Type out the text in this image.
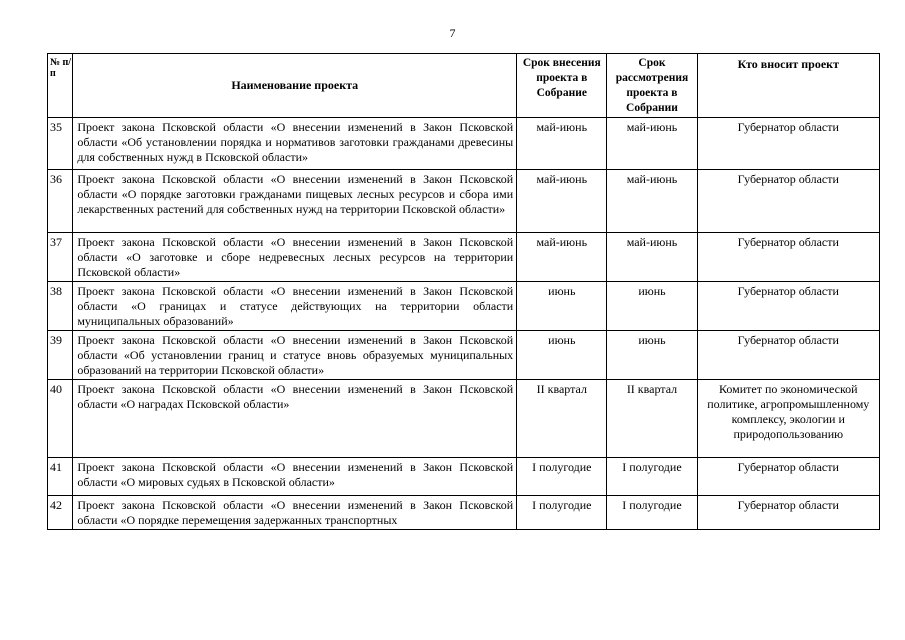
7
№ п/п	Наименование проекта	Срок внесения проекта в Собрание	Срок рассмотрения проекта в Собрании	Кто вносит проект
35	Проект закона Псковской области «О внесении изменений в Закон Псковской области «Об установлении порядка и нормативов заготовки гражданами древесины для собственных нужд в Псковской области»	май-июнь	май-июнь	Губернатор области
36	Проект закона Псковской области «О внесении изменений в Закон Псковской области «О порядке заготовки гражданами пищевых лесных ресурсов и сбора ими лекарственных растений для собственных нужд на территории Псковской области»	май-июнь	май-июнь	Губернатор области
37	Проект закона Псковской области «О внесении изменений в Закон Псковской области «О заготовке и сборе недревесных лесных ресурсов на территории Псковской области»	май-июнь	май-июнь	Губернатор области
38	Проект закона Псковской области «О внесении изменений в Закон Псковской области «О границах и статусе действующих на территории области муниципальных образований»	июнь	июнь	Губернатор области
39	Проект закона Псковской области «О внесении изменений в Закон Псковской области «Об установлении границ и статусе вновь образуемых муниципальных образований на территории Псковской области»	июнь	июнь	Губернатор области
40	Проект закона Псковской области «О внесении изменений в Закон Псковской области «О наградах Псковской области»	II квартал	II квартал	Комитет по экономической политике, агропромышленному комплексу, экологии и природопользованию
41	Проект закона Псковской области «О внесении изменений в Закон Псковской области «О мировых судьях в Псковской области»	I полугодие	I полугодие	Губернатор области
42	Проект закона Псковской области «О внесении изменений в Закон Псковской области «О порядке перемещения задержанных транспортных	I полугодие	I полугодие	Губернатор области
